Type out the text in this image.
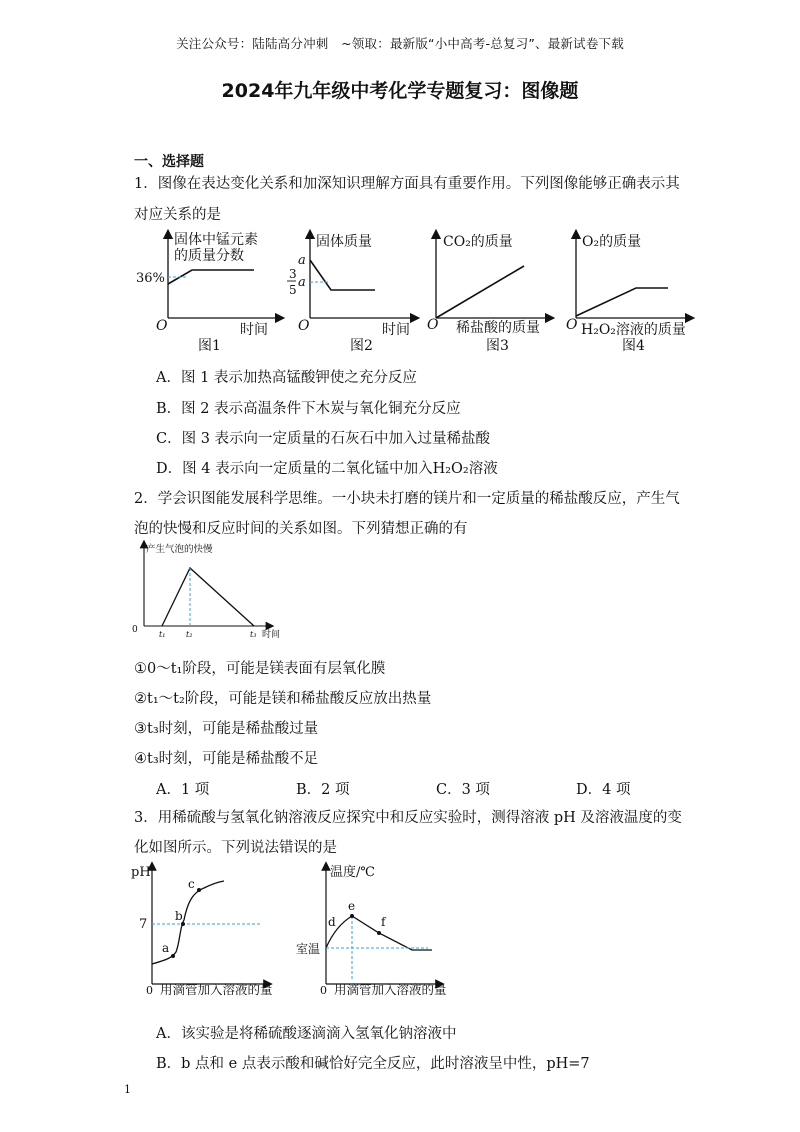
关注公众号：陆陆高分冲刺　~领取：最新版“小中高考-总复习”、最新试卷下载
2024年九年级中考化学专题复习：图像题
一、选择题
1．图像在表达变化关系和加深知识理解方面具有重要作用。下列图像能够正确表示其
对应关系的是
固体中锰元素
的质量分数
36%
O	时间
图1
固体质量
a
3
5 a
O	时间
图2
CO₂的质量
O 稀盐酸的质量
图3
O₂的质量
O H₂O₂溶液的质量
图4
A．图 1 表示加热高锰酸钾使之充分反应
B．图 2 表示高温条件下木炭与氧化铜充分反应
C．图 3 表示向一定质量的石灰石中加入过量稀盐酸
D．图 4 表示向一定质量的二氧化锰中加入H₂O₂溶液
2．学会识图能发展科学思维。一小块未打磨的镁片和一定质量的稀盐酸反应，产生气
泡的快慢和反应时间的关系如图。下列猜想正确的有
产生气泡的快慢
0	t₁	t₂	t₃ 时间
①0～t₁阶段，可能是镁表面有层氧化膜
②t₁～t₂阶段，可能是镁和稀盐酸反应放出热量
③t₃时刻，可能是稀盐酸过量
④t₃时刻，可能是稀盐酸不足
A．1 项	B．2 项	C．3 项	D．4 项
3．用稀硫酸与氢氧化钠溶液反应探究中和反应实验时，测得溶液 pH 及溶液温度的变
化如图所示。下列说法错误的是
pH
7
a
b
c
0 用滴管加入溶液的量
温度/℃
d
e
f
室温
0 用滴管加入溶液的量
A．该实验是将稀硫酸逐滴滴入氢氧化钠溶液中
B．b 点和 e 点表示酸和碱恰好完全反应，此时溶液呈中性，pH=7
1
